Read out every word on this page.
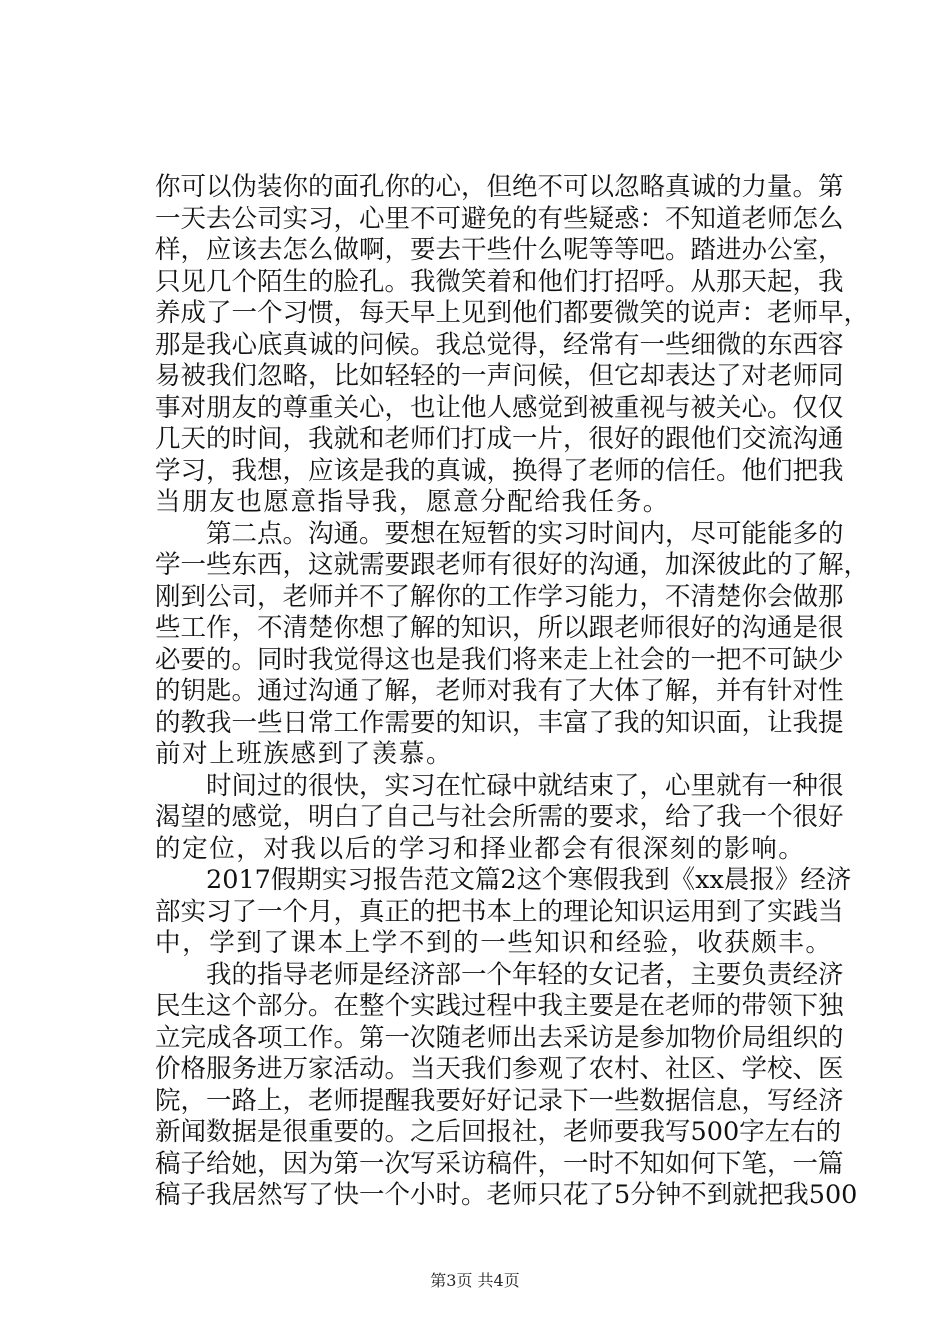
你可以伪装你的面孔你的心，但绝不可以忽略真诚的力量。第
一天去公司实习，心里不可避免的有些疑惑：不知道老师怎么
样，应该去怎么做啊，要去干些什么呢等等吧。踏进办公室，
只见几个陌生的脸孔。我微笑着和他们打招呼。从那天起，我
养成了一个习惯，每天早上见到他们都要微笑的说声：老师早，
那是我心底真诚的问候。我总觉得，经常有一些细微的东西容
易被我们忽略，比如轻轻的一声问候，但它却表达了对老师同
事对朋友的尊重关心，也让他人感觉到被重视与被关心。仅仅
几天的时间，我就和老师们打成一片，很好的跟他们交流沟通
学习，我想，应该是我的真诚，换得了老师的信任。他们把我
当朋友也愿意指导我，愿意分配给我任务。
　　第二点。沟通。要想在短暂的实习时间内，尽可能能多的
学一些东西，这就需要跟老师有很好的沟通，加深彼此的了解，
刚到公司，老师并不了解你的工作学习能力，不清楚你会做那
些工作，不清楚你想了解的知识，所以跟老师很好的沟通是很
必要的。同时我觉得这也是我们将来走上社会的一把不可缺少
的钥匙。通过沟通了解，老师对我有了大体了解，并有针对性
的教我一些日常工作需要的知识，丰富了我的知识面，让我提
前对上班族感到了羡慕。
　　时间过的很快，实习在忙碌中就结束了，心里就有一种很
渴望的感觉，明白了自己与社会所需的要求，给了我一个很好
的定位，对我以后的学习和择业都会有很深刻的影响。
　　2017假期实习报告范文篇2这个寒假我到《xx晨报》经济
部实习了一个月，真正的把书本上的理论知识运用到了实践当
中，学到了课本上学不到的一些知识和经验，收获颇丰。
　　我的指导老师是经济部一个年轻的女记者，主要负责经济
民生这个部分。在整个实践过程中我主要是在老师的带领下独
立完成各项工作。第一次随老师出去采访是参加物价局组织的
价格服务进万家活动。当天我们参观了农村、社区、学校、医
院，一路上，老师提醒我要好好记录下一些数据信息，写经济
新闻数据是很重要的。之后回报社，老师要我写500字左右的
稿子给她，因为第一次写采访稿件，一时不知如何下笔，一篇
稿子我居然写了快一个小时。老师只花了5分钟不到就把我500
第3页 共4页
